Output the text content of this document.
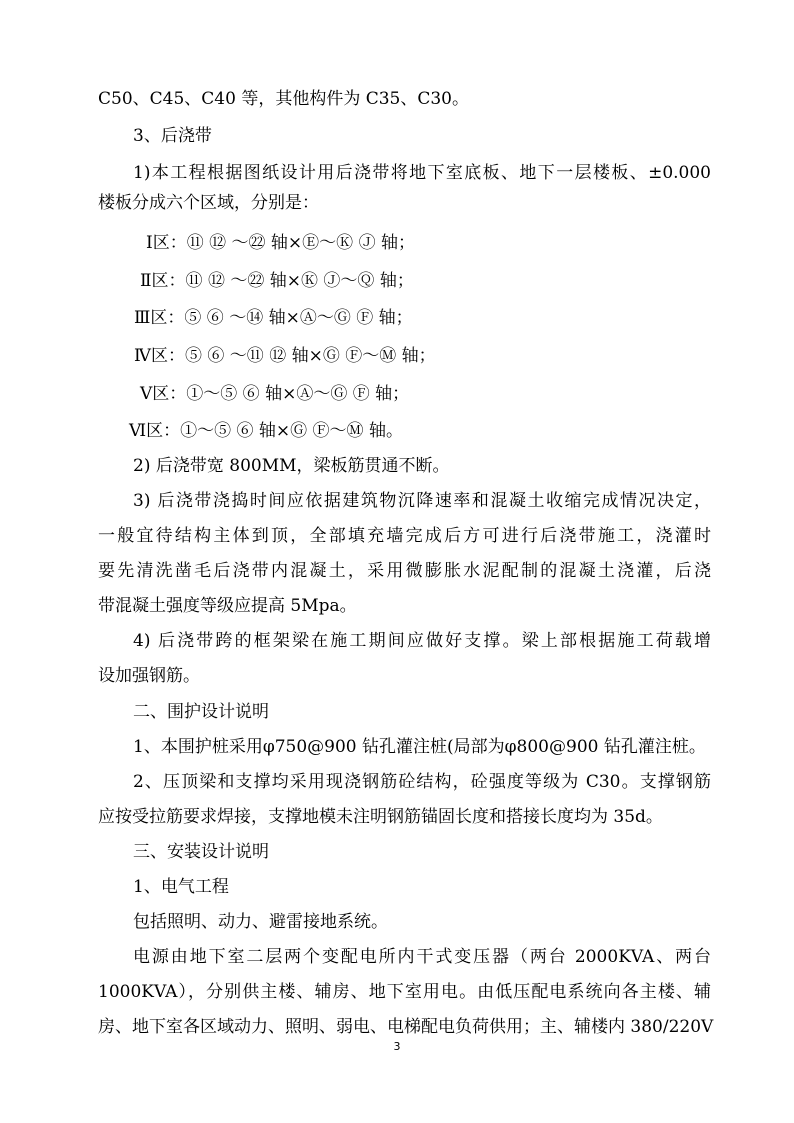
C50、C45、C40 等，其他构件为 C35、C30。
3、后浇带
1)本工程根据图纸设计用后浇带将地下室底板、地下一层楼板、±0.000
楼板分成六个区域，分别是：
Ⅰ区：⑪ ⑫ ～㉒ 轴×Ⓔ～Ⓚ Ⓙ 轴；
Ⅱ区：⑪ ⑫ ～㉒ 轴×Ⓚ Ⓙ～Ⓠ 轴；
Ⅲ区：⑤ ⑥ ～⑭ 轴×Ⓐ～Ⓖ Ⓕ 轴；
Ⅳ区：⑤ ⑥ ～⑪ ⑫ 轴×Ⓖ Ⓕ～Ⓜ 轴；
Ⅴ区：①～⑤ ⑥ 轴×Ⓐ～Ⓖ Ⓕ 轴；
Ⅵ区：①～⑤ ⑥ 轴×Ⓖ Ⓕ～Ⓜ 轴。
2) 后浇带宽 800MM，梁板筋贯通不断。
3) 后浇带浇捣时间应依据建筑物沉降速率和混凝土收缩完成情况决定，
一般宜待结构主体到顶，全部填充墙完成后方可进行后浇带施工，浇灌时
要先清洗凿毛后浇带内混凝土，采用微膨胀水泥配制的混凝土浇灌，后浇
带混凝土强度等级应提高 5Mpa。
4) 后浇带跨的框架梁在施工期间应做好支撑。梁上部根据施工荷载增
设加强钢筋。
二、围护设计说明
1、本围护桩采用φ750@900 钻孔灌注桩(局部为φ800@900 钻孔灌注桩。
2、压顶梁和支撑均采用现浇钢筋砼结构，砼强度等级为 C30。支撑钢筋
应按受拉筋要求焊接，支撑地模未注明钢筋锚固长度和搭接长度均为 35d。
三、安装设计说明
1、电气工程
包括照明、动力、避雷接地系统。
电源由地下室二层两个变配电所内干式变压器（两台 2000KVA、两台
1000KVA），分别供主楼、辅房、地下室用电。由低压配电系统向各主楼、辅
房、地下室各区域动力、照明、弱电、电梯配电负荷供用；主、辅楼内 380/220V
3
